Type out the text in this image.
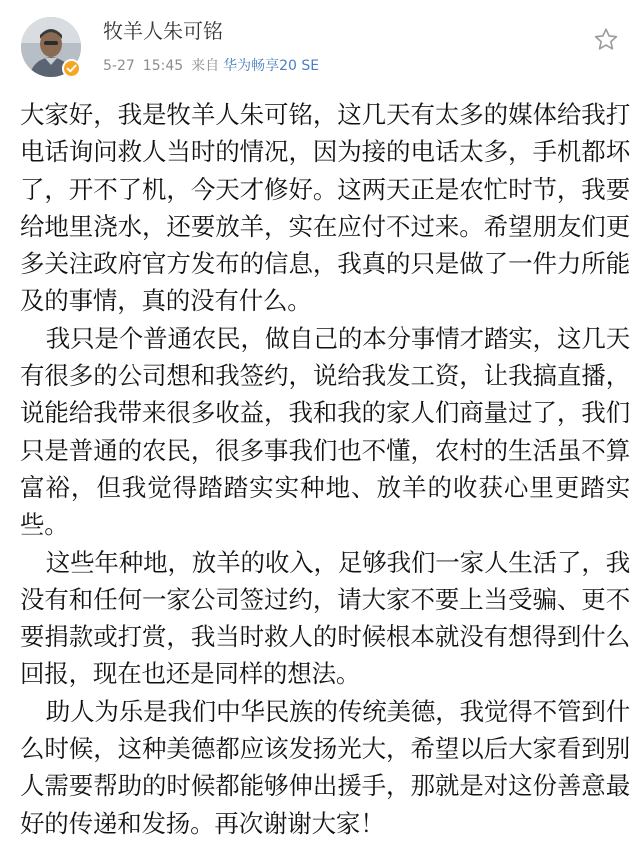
牧羊人朱可铭
5-27 15:45 来自 华为畅享20 SE

大家好，我是牧羊人朱可铭，这几天有太多的媒体给我打电话询问救人当时的情况，因为接的电话太多，手机都坏了，开不了机，今天才修好。这两天正是农忙时节，我要给地里浇水，还要放羊，实在应付不过来。希望朋友们更多关注政府官方发布的信息，我真的只是做了一件力所能及的事情，真的没有什么。

我只是个普通农民，做自己的本分事情才踏实，这几天有很多的公司想和我签约，说给我发工资，让我搞直播，说能给我带来很多收益，我和我的家人们商量过了，我们只是普通的农民，很多事我们也不懂，农村的生活虽不算富裕，但我觉得踏踏实实种地、放羊的收获心里更踏实些。

这些年种地，放羊的收入，足够我们一家人生活了，我没有和任何一家公司签过约，请大家不要上当受骗、更不要捐款或打赏，我当时救人的时候根本就没有想得到什么回报，现在也还是同样的想法。

助人为乐是我们中华民族的传统美德，我觉得不管到什么时候，这种美德都应该发扬光大，希望以后大家看到别人需要帮助的时候都能够伸出援手，那就是对这份善意最好的传递和发扬。再次谢谢大家！
